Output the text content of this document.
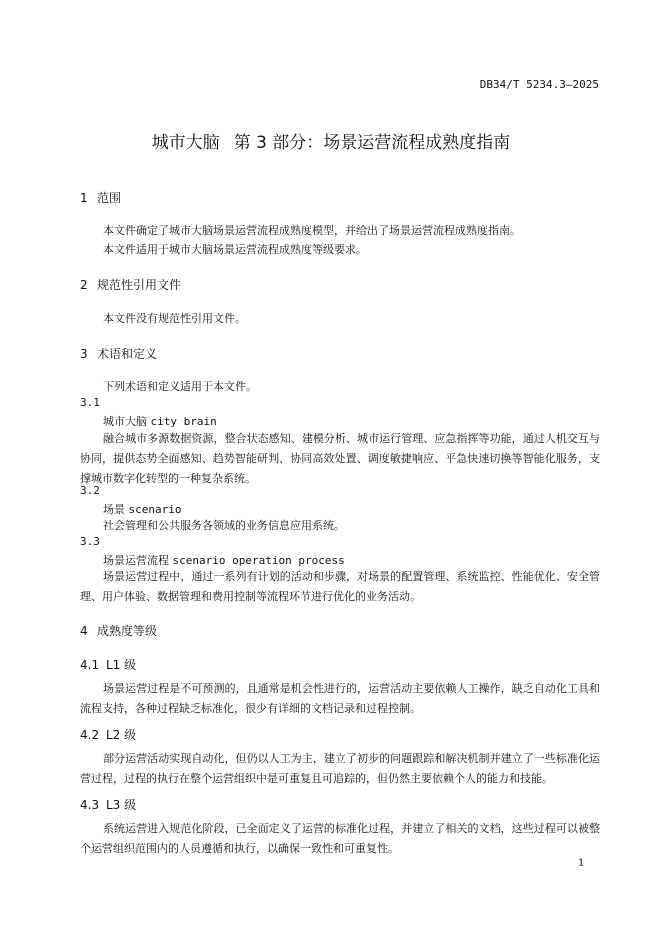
DB34/T 5234.3—2025
城市大脑 第 3 部分：场景运营流程成熟度指南
1 范围
本文件确定了城市大脑场景运营流程成熟度模型，并给出了场景运营流程成熟度指南。
本文件适用于城市大脑场景运营流程成熟度等级要求。
2 规范性引用文件
本文件没有规范性引用文件。
3 术语和定义
下列术语和定义适用于本文件。
3.1
城市大脑 city brain
融合城市多源数据资源，整合状态感知、建模分析、城市运行管理、应急指挥等功能，通过人机交互与协同，提供态势全面感知、趋势智能研判、协同高效处置、调度敏捷响应、平急快速切换等智能化服务，支撑城市数字化转型的一种复杂系统。
3.2
场景 scenario
社会管理和公共服务各领域的业务信息应用系统。
3.3
场景运营流程 scenario operation process
场景运营过程中，通过一系列有计划的活动和步骤，对场景的配置管理、系统监控、性能优化、安全管理、用户体验、数据管理和费用控制等流程环节进行优化的业务活动。
4 成熟度等级
4.1 L1 级
场景运营过程是不可预测的，且通常是机会性进行的，运营活动主要依赖人工操作，缺乏自动化工具和流程支持，各种过程缺乏标准化，很少有详细的文档记录和过程控制。
4.2 L2 级
部分运营活动实现自动化，但仍以人工为主，建立了初步的问题跟踪和解决机制并建立了一些标准化运营过程，过程的执行在整个运营组织中是可重复且可追踪的，但仍然主要依赖个人的能力和技能。
4.3 L3 级
系统运营进入规范化阶段，已全面定义了运营的标准化过程，并建立了相关的文档，这些过程可以被整个运营组织范围内的人员遵循和执行，以确保一致性和可重复性。
1
